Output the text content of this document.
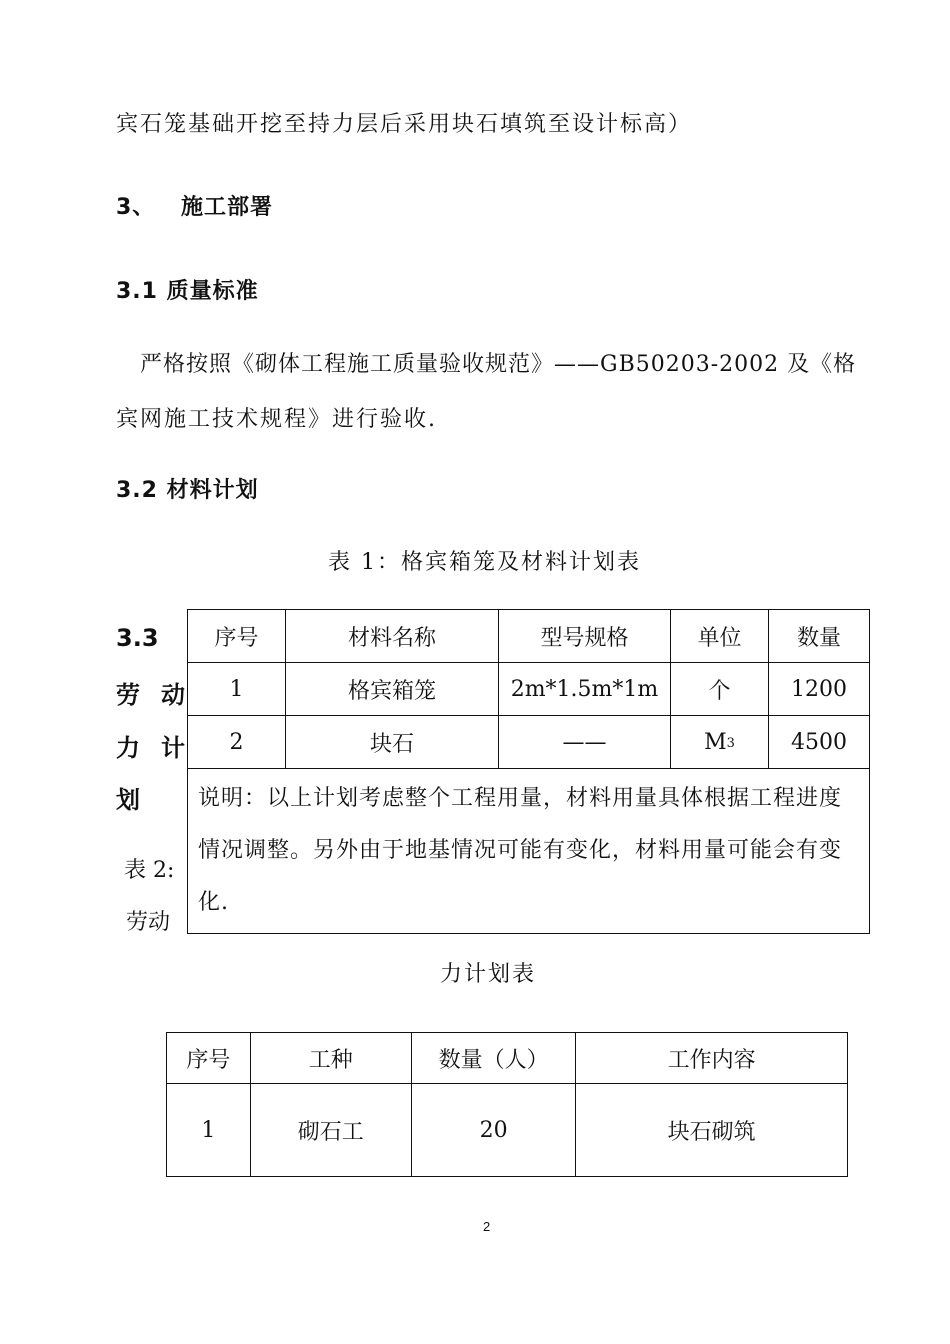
宾石笼基础开挖至持力层后采用块石填筑至设计标高）
3、 施工部署
3.1 质量标准
严格按照《砌体工程施工质量验收规范》——GB50203-2002 及《格
宾网施工技术规程》进行验收.
3.2 材料计划
表 1：格宾箱笼及材料计划表
3.3
劳 动
力 计
划
表 2:
劳动
序号	材料名称	型号规格	单位	数量
1	格宾箱笼	2m*1.5m*1m	个	1200
2	块石	——	$M^3$	4500
说明：以上计划考虑整个工程用量，材料用量具体根据工程进度情况调整。另外由于地基情况可能有变化，材料用量可能会有变化.				
力计划表
序号	工种	数量（人）	工作内容
1	砌石工	20	块石砌筑
2
